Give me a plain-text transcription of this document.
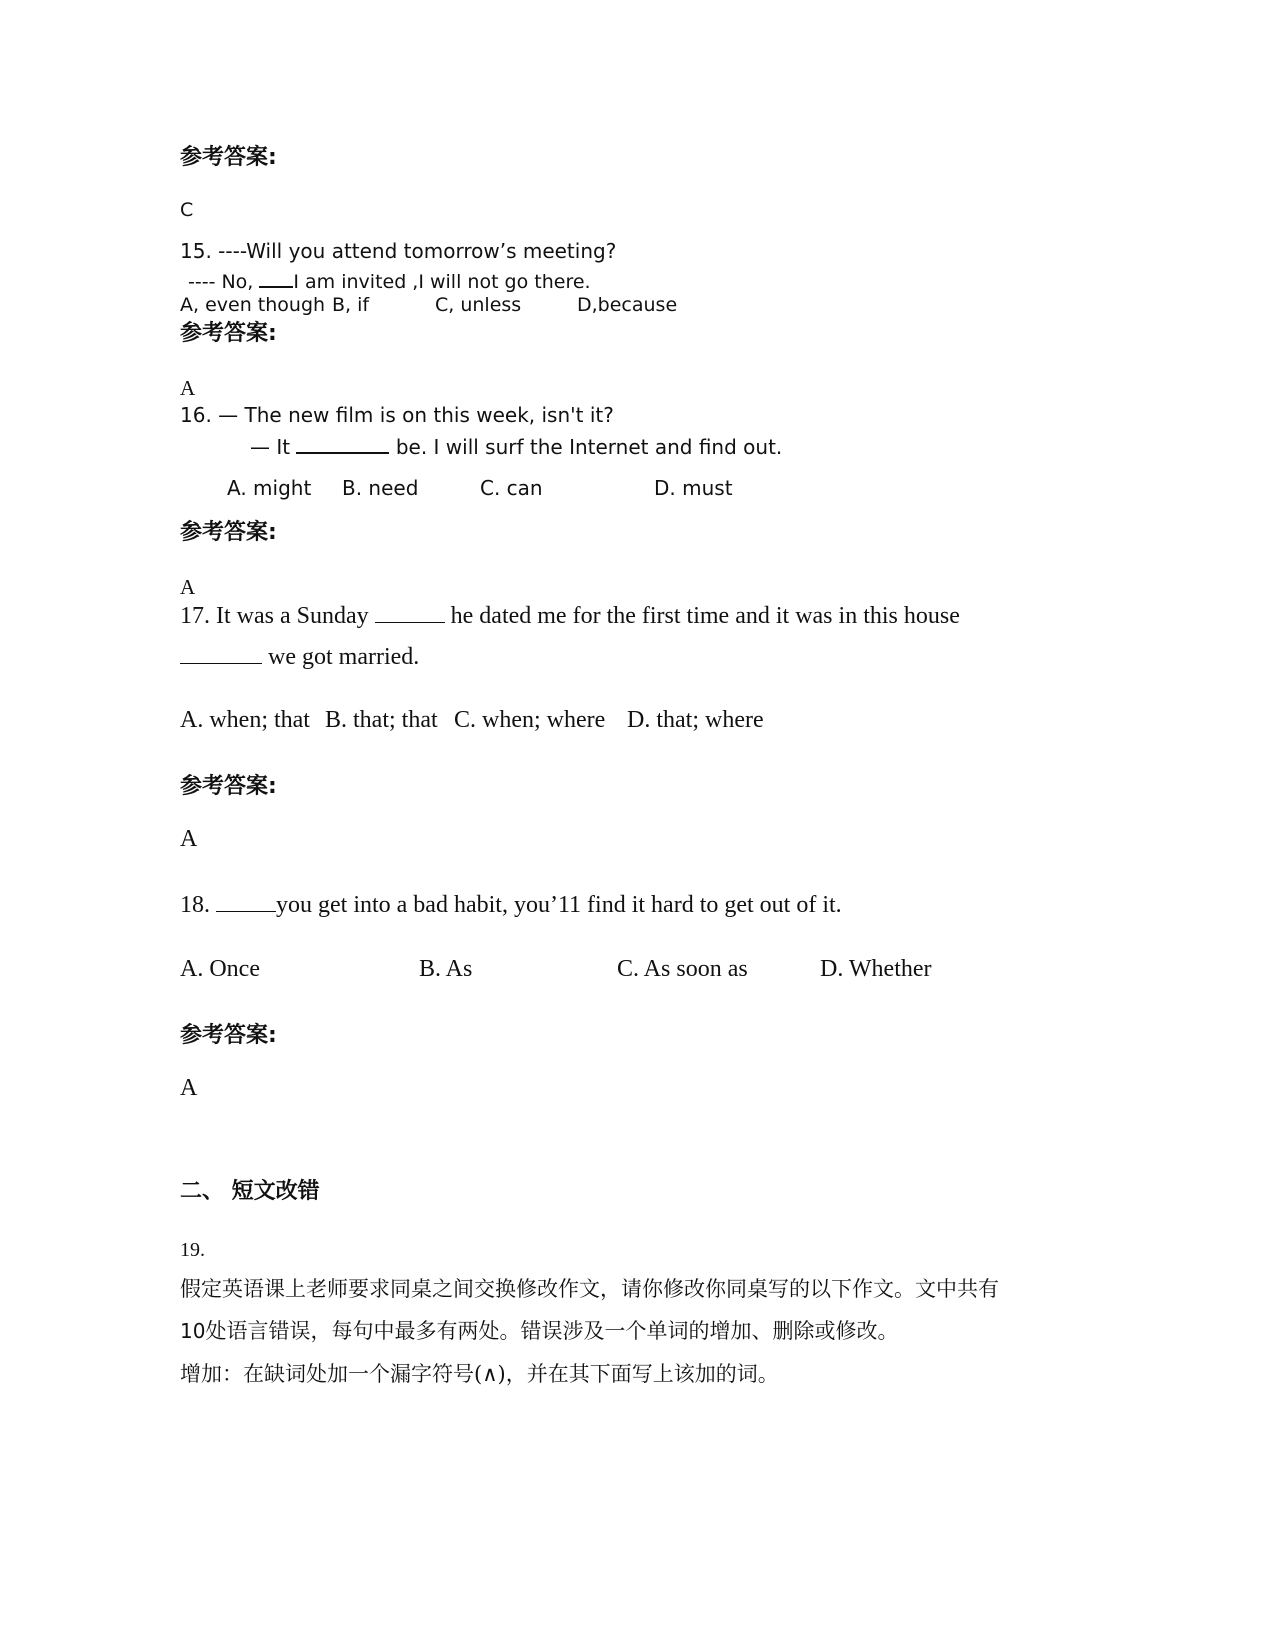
参考答案:
C
15. ----Will you attend tomorrow’s meeting?
---- No, I am invited ,I will not go there.
A, even though B, if	C, unless	D,because
参考答案:
A
16. — The new film is on this week, isn't it?
— It	be. I will surf the Internet and find out.
A. might B. need	C. can	D. must
参考答案:
A
17. It was a Sunday	he dated me for the first time and it was in this house
we got married.
A. when; that B. that; that C. when; where D. that; where
参考答案:
A
18.	you get into a bad habit, you’11 find it hard to get out of it.
A. Once	B. As	C. As soon as	D. Whether
参考答案:
A
二、 短文改错
19.
假定英语课上老师要求同桌之间交换修改作文，请你修改你同桌写的以下作文。文中共有
10处语言错误，每句中最多有两处。错误涉及一个单词的增加、删除或修改。
增加：在缺词处加一个漏字符号(∧)，并在其下面写上该加的词。
